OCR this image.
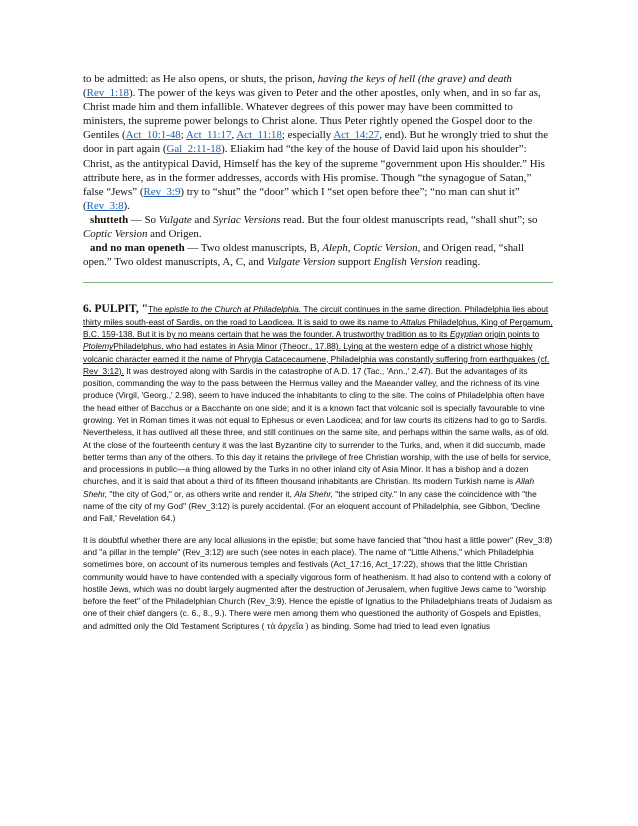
to be admitted: as He also opens, or shuts, the prison, having the keys of hell (the grave) and death (Rev_1:18). The power of the keys was given to Peter and the other apostles, only when, and in so far as, Christ made him and them infallible. Whatever degrees of this power may have been committed to ministers, the supreme power belongs to Christ alone. Thus Peter rightly opened the Gospel door to the Gentiles (Act_10:1-48; Act_11:17, Act_11:18; especially Act_14:27, end). But he wrongly tried to shut the door in part again (Gal_2:11-18). Eliakim had “the key of the house of David laid upon his shoulder”: Christ, as the antitypical David, Himself has the key of the supreme “government upon His shoulder.” His attribute here, as in the former addresses, accords with His promise. Though “the synagogue of Satan,” false “Jews” (Rev_3:9) try to “shut” the “door” which I “set open before thee”; “no man can shut it” (Rev_3:8).

shutteth — So Vulgate and Syriac Versions read. But the four oldest manuscripts read, “shall shut”; so Coptic Version and Origen.

and no man openeth — Two oldest manuscripts, B, Aleph, Coptic Version, and Origen read, “shall open.” Two oldest manuscripts, A, C, and Vulgate Version support English Version reading.

6. PULPIT, "The epistle to the Church at Philadelphia. The circuit continues in the same direction. Philadelphia lies about thirty miles south-east of Sardis, on the road to Laodicea. It is said to owe its name to Attalus Philadelphus, King of Pergamum, B.C. 159-138. But it is by no means certain that he was the founder. A trustworthy tradition as to its Egyptian origin points to PtolemyPhiladelphus, who had estates in Asia Minor (Theocr., 17.88). Lying at the western edge of a district whose highly volcanic character earned it the name of Phrygia Catacecaumene, Philadelphia was constantly suffering from earthquakes (cf. Rev_3:12). It was destroyed along with Sardis in the catastrophe of A.D. 17 (Tac., 'Ann.,' 2.47). But the advantages of its position, commanding the way to the pass between the Hermus valley and the Maeander valley, and the richness of its vine produce (Virgil, 'Georg.,' 2.98), seem to have induced the inhabitants to cling to the site. The coins of Philadelphia often have the head either of Bacchus or a Bacchante on one side; and it is a known fact that volcanic soil is specially favourable to vine growing. Yet in Roman times it was not equal to Ephesus or even Laodicea; and for law courts its citizens had to go to Sardis. Nevertheless, it has outlived all these three, and still continues on the same site, and perhaps within the same walls, as of old. At the close of the fourteenth century it was the last Byzantine city to surrender to the Turks, and, when it did succumb, made better terms than any of the others. To this day it retains the privilege of free Christian worship, with the use of bells for service, and processions in public—a thing allowed by the Turks in no other inland city of Asia Minor. It has a bishop and a dozen churches, and it is said that about a third of its fifteen thousand inhabitants are Christian. Its modern Turkish name is Allah Shehr, "the city of God," or, as others write and render it, Ala Shehr, "the striped city." In any case the coincidence with "the name of the city of my God" (Rev_3:12) is purely accidental. (For an eloquent account of Philadelphia, see Gibbon, 'Decline and Fall,' Revelation 64.)

It is doubtful whether there are any local allusions in the epistle; but some have fancied that "thou hast a little power" (Rev_3:8) and "a pillar in the temple" (Rev_3:12) are such (see notes in each place). The name of "Little Athens," which Philadelphia sometimes bore, on account of its numerous temples and festivals (Act_17:16, Act_17:22), shows that the little Christian community would have to have contended with a specially vigorous form of heathenism. It had also to contend with a colony of hostile Jews, which was no doubt largely augmented after the destruction of Jerusalem, when fugitive Jews came to "worship before the feet" of the Philadelphian Church (Rev_3:9). Hence the epistle of Ignatius to the Philadelphians treats of Judaism as one of their chief dangers (c. 6., 8., 9.). There were men among them who questioned the authority of Gospels and Epistles, and admitted only the Old Testament Scriptures ( τὰ ἀρχεῖα ) as binding. Some had tried to lead even Ignatius
